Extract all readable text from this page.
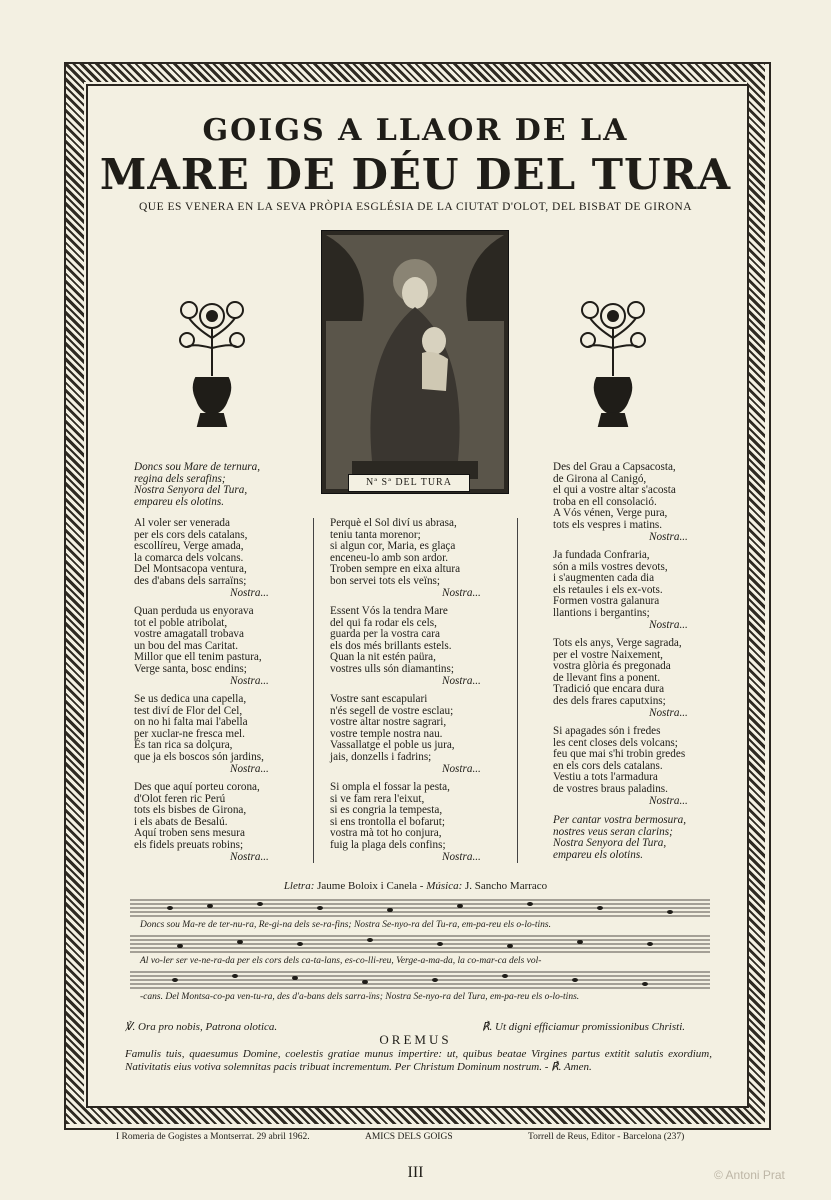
GOIGS A LLAOR DE LA
MARE DE DÉU DEL TURA
QUE ES VENERA EN LA SEVA PRÒPIA ESGLÉSIA DE LA CIUTAT D'OLOT, DEL BISBAT DE GIRONA
Nª Sª DEL TURA
Doncs sou Mare de ternura,
regina dels serafins;
Nostra Senyora del Tura,
empareu els olotins.
Al voler ser venerada
per els cors dels catalans,
escollíreu, Verge amada,
la comarca dels volcans.
Del Montsacopa ventura,
des d'abans dels sarraïns;
Nostra...
Quan perduda us enyorava
tot el poble atribolat,
vostre amagatall trobava
un bou del mas Caritat.
Millor que ell tenim pastura,
Verge santa, bosc endins;
Nostra...
Se us dedica una capella,
test diví de Flor del Cel,
on no hi falta mai l'abella
per xuclar-ne fresca mel.
És tan rica sa dolçura,
que ja els boscos són jardins,
Nostra...
Des que aquí porteu corona,
d'Olot feren ric Perú
tots els bisbes de Girona,
i els abats de Besalú.
Aquí troben sens mesura
els fidels preuats robins;
Nostra...
Perquè el Sol diví us abrasa,
teniu tanta morenor;
si algun cor, Maria, es glaça
enceneu-lo amb son ardor.
Troben sempre en eixa altura
bon servei tots els veïns;
Nostra...
Essent Vós la tendra Mare
del qui fa rodar els cels,
guarda per la vostra cara
els dos més brillants estels.
Quan la nit estén paüra,
vostres ulls són diamantins;
Nostra...
Vostre sant escapulari
n'és segell de vostre esclau;
vostre altar nostre sagrari,
vostre temple nostra nau.
Vassallatge el poble us jura,
jais, donzells i fadrins;
Nostra...
Si ompla el fossar la pesta,
si ve fam rera l'eixut,
si es congria la tempesta,
si ens trontolla el bofarut;
vostra mà tot ho conjura,
fuig la plaga dels confins;
Nostra...
Des del Grau a Capsacosta,
de Girona al Canigó,
el qui a vostre altar s'acosta
troba en ell consolació.
A Vós vénen, Verge pura,
tots els vespres i matins.
Nostra...
Ja fundada Confraria,
són a mils vostres devots,
i s'augmenten cada dia
els retaules i els ex-vots.
Formen vostra galanura
llantions i bergantins;
Nostra...
Tots els anys, Verge sagrada,
per el vostre Naixement,
vostra glòria és pregonada
de llevant fins a ponent.
Tradició que encara dura
des dels frares caputxins;
Nostra...
Si apagades són i fredes
les cent closes dels volcans;
feu que mai s'hi trobin gredes
en els cors dels catalans.
Vestiu a tots l'armadura
de vostres braus paladins.
Nostra...
Per cantar vostra bermosura,
nostres veus seran clarins;
Nostra Senyora del Tura,
empareu els olotins.
Lletra: Jaume Boloix i Canela - Música: J. Sancho Marraco
Doncs sou Ma-re de ter-nu-ra, Re-gi-na dels se-ra-fins; Nostra Se-nyo-ra del Tu-ra, em-pa-reu els o-lo-tins.
Al vo-ler ser ve-ne-ra-da per els cors dels ca-ta-lans, es-co-lli-reu, Verge-a-ma-da, la co-mar-ca dels vol-
-cans. Del Montsa-co-pa ven-tu-ra, des d'a-bans dels sarra-ïns; Nostra Se-nyo-ra del Tura, em-pa-reu els o-lo-tins.
℣. Ora pro nobis, Patrona olotica.	℟. Ut digni efficiamur promissionibus Christi.
OREMUS
Famulis tuis, quaesumus Domine, coelestis gratiae munus impertire: ut, quibus beatae Virgines partus extitit salutis exordium, Nativitatis eius votiva solemnitas pacis tribuat incrementum. Per Christum Dominum nostrum. - ℟. Amen.
I Romeria de Gogistes a Montserrat. 29 abril 1962.	AMICS DELS GOIGS	Torrell de Reus, Editor - Barcelona (237)
III	© Antoni Prat
